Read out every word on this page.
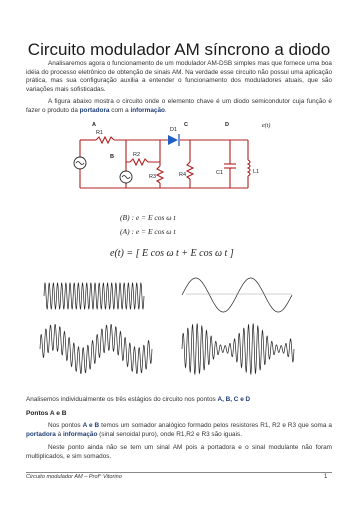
Circuito modulador AM síncrono a diodo
Analisaremos agora o funcionamento de um modulador AM-DSB simples mas que fornece uma boa idéia do processo eletrônico de obtenção de sinais AM. Na verdade esse circuito não possui uma aplicação prática, mas sua configuração auxilia a entender o funcionamento dos moduladores atuais, que são variações mais sofisticadas.
A figura abaixo mostra o circuito onde o elemento chave é um diodo semicondutor cuja função é fazer o produto da portadora com a informação.
A	C	D
B
R1
R2
R3	R4	C1	L1
D1
e(t)
(B) : e = E cos ω t
(A) : e = E cos ω t
e(t) = [ E cos ω t + E cos ω t ]
Analisemos individualmente os três estágios do circuito nos pontos A, B, C e D
Pontos A e B
Nos pontos A e B temos um somador analógico formado pelos resistores R1, R2 e R3 que soma a portadora à informação (sinal senoidal puro), onde R1,R2 e R3 são iguais.
Neste ponto ainda não se tem um sinal AM pois a portadora e o sinal modulante não foram multiplicados, e sim somados.
Circuito modulador AM – Prof° Vitorino	1
